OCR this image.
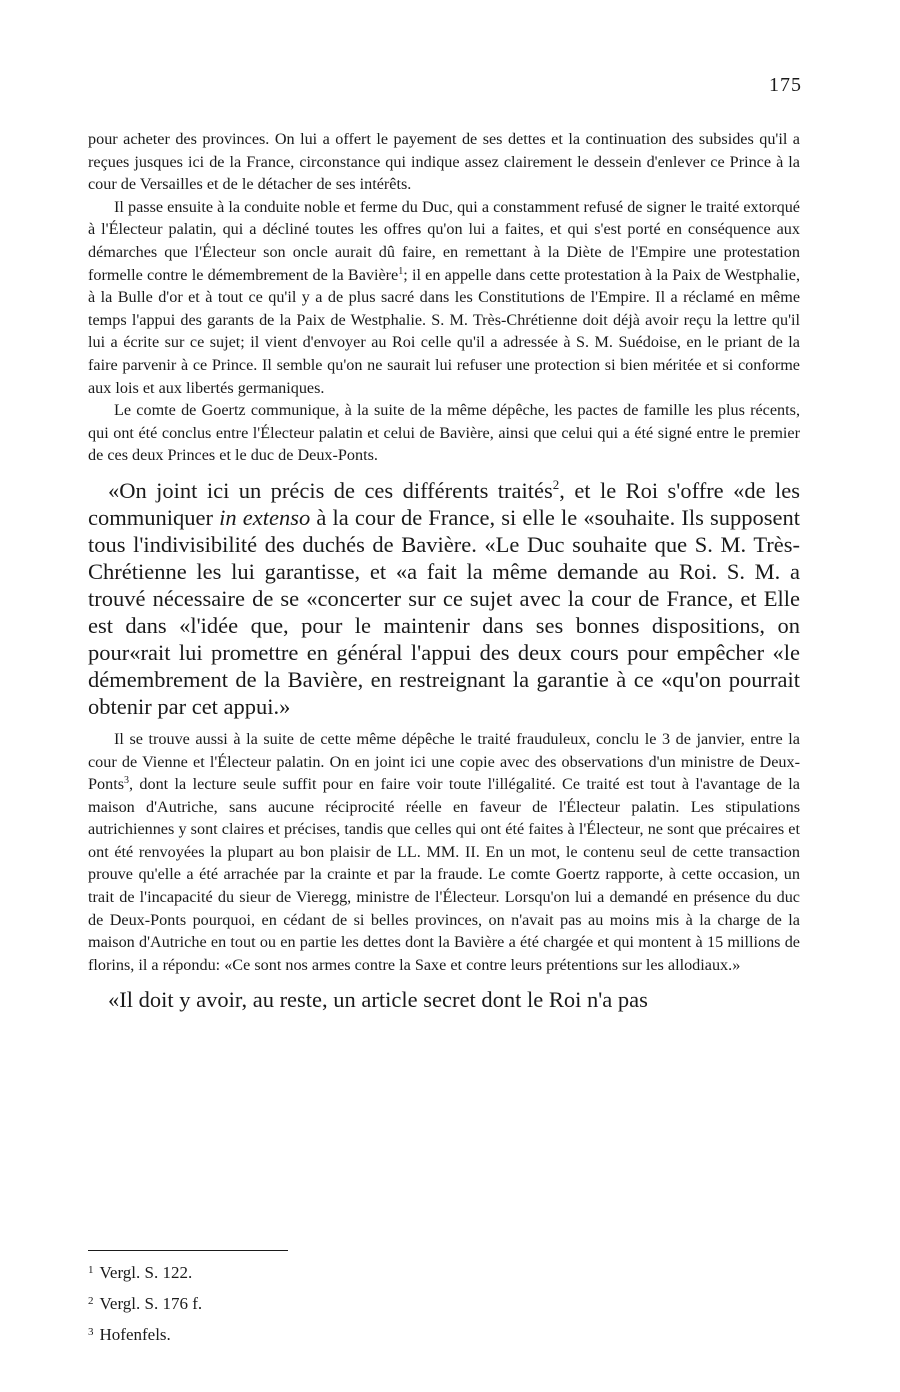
175

pour acheter des provinces. On lui a offert le payement de ses dettes et la continuation des subsides qu'il a reçues jusques ici de la France, circonstance qui indique assez clairement le dessein d'enlever ce Prince à la cour de Versailles et de le détacher de ses intérêts.

Il passe ensuite à la conduite noble et ferme du Duc, qui a constamment refusé de signer le traité extorqué à l'Électeur palatin, qui a décliné toutes les offres qu'on lui a faites, et qui s'est porté en conséquence aux démarches que l'Électeur son oncle aurait dû faire, en remettant à la Diète de l'Empire une protestation formelle contre le démembrement de la Bavière$^1$; il en appelle dans cette protestation à la Paix de Westphalie, à la Bulle d'or et à tout ce qu'il y a de plus sacré dans les Constitutions de l'Empire. Il a réclamé en même temps l'appui des garants de la Paix de Westphalie. S. M. Très-Chrétienne doit déjà avoir reçu la lettre qu'il lui a écrite sur ce sujet; il vient d'envoyer au Roi celle qu'il a adressée à S. M. Suédoise, en le priant de la faire parvenir à ce Prince. Il semble qu'on ne saurait lui refuser une protection si bien méritée et si conforme aux lois et aux libertés germaniques.

Le comte de Goertz communique, à la suite de la même dépêche, les pactes de famille les plus récents, qui ont été conclus entre l'Électeur palatin et celui de Bavière, ainsi que celui qui a été signé entre le premier de ces deux Princes et le duc de Deux-Ponts.

«On joint ici un précis de ces différents traités$^2$, et le Roi s'offre «de les communiquer in extenso à la cour de France, si elle le «souhaite. Ils supposent tous l'indivisibilité des duchés de Bavière. «Le Duc souhaite que S. M. Très-Chrétienne les lui garantisse, et «a fait la même demande au Roi. S. M. a trouvé nécessaire de se «concerter sur ce sujet avec la cour de France, et Elle est dans «l'idée que, pour le maintenir dans ses bonnes dispositions, on pour«rait lui promettre en général l'appui des deux cours pour empêcher «le démembrement de la Bavière, en restreignant la garantie à ce «qu'on pourrait obtenir par cet appui.»

Il se trouve aussi à la suite de cette même dépêche le traité frauduleux, conclu le 3 de janvier, entre la cour de Vienne et l'Électeur palatin. On en joint ici une copie avec des observations d'un ministre de Deux-Ponts$^3$, dont la lecture seule suffit pour en faire voir toute l'illégalité. Ce traité est tout à l'avantage de la maison d'Autriche, sans aucune réciprocité réelle en faveur de l'Électeur palatin. Les stipulations autrichiennes y sont claires et précises, tandis que celles qui ont été faites à l'Électeur, ne sont que précaires et ont été renvoyées la plupart au bon plaisir de LL. MM. II. En un mot, le contenu seul de cette transaction prouve qu'elle a été arrachée par la crainte et par la fraude. Le comte Goertz rapporte, à cette occasion, un trait de l'incapacité du sieur de Vieregg, ministre de l'Électeur. Lorsqu'on lui a demandé en présence du duc de Deux-Ponts pourquoi, en cédant de si belles provinces, on n'avait pas au moins mis à la charge de la maison d'Autriche en tout ou en partie les dettes dont la Bavière a été chargée et qui montent à 15 millions de florins, il a répondu: «Ce sont nos armes contre la Saxe et contre leurs prétentions sur les allodiaux.»

«Il doit y avoir, au reste, un article secret dont le Roi n'a pas

$^1$ Vergl. S. 122.
$^2$ Vergl. S. 176 f.
$^3$ Hofenfels.
